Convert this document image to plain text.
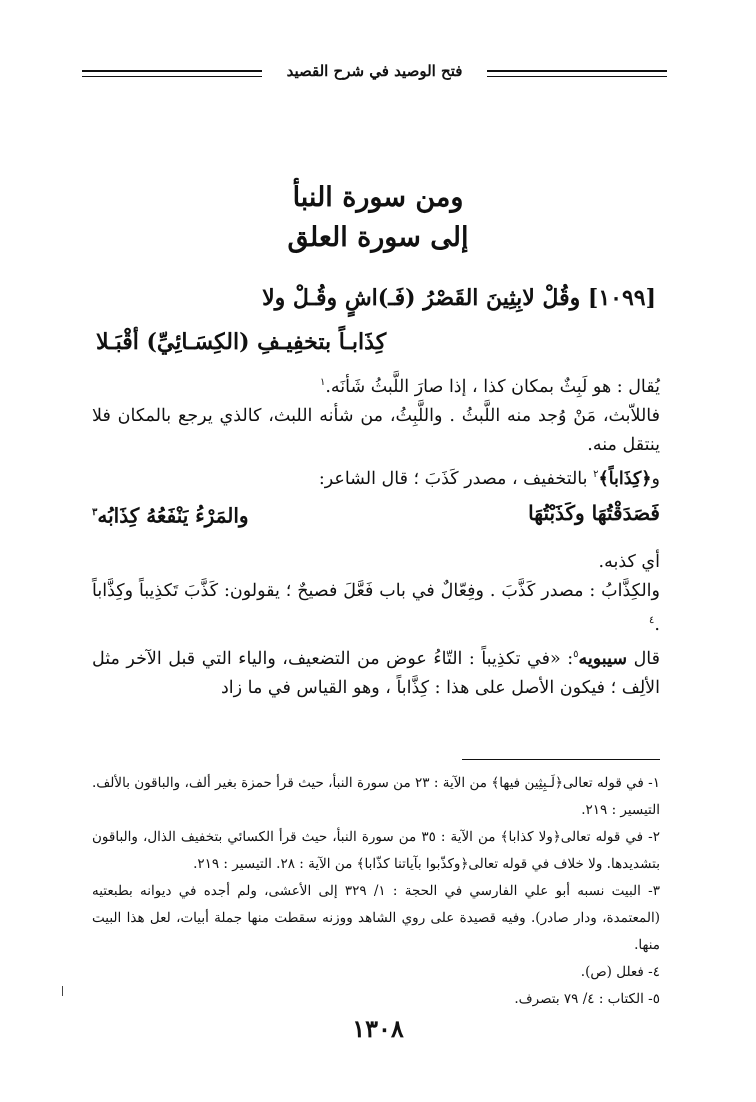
فتح الوصيد في شرح القصيد
ومن سورة النبأ
إلى سورة العلق
[١٠٩٩] وقُلْ لابِثِينَ القَصْرُ (فَـ)اشٍ وقُـلْ ولا
كِذَابـاً بتخفِيـفِ (الكِسَـائِيِّ) أقْبَـلا

يُقال : هو لَبِثٌ بمكان كذا ، إذا صارَ اللَّبثُ شَأنَه.$^١$

فاللاّبث، مَنْ وُجد منه اللَّبثُ . واللَّبِثُ، من شأنه اللبث، كالذي يرجع بالمكان فلا ينتقل منه.

و﴿كِذَاباً﴾$^٢$ بالتخفيف ، مصدر كَذَبَ ؛ قال الشاعر:

فَصَدَقْتُهَا وكَذَبْتُهَا
والمَرْءُ يَنْفَعُهُ كِذَابُه$^٣$

أي كذبه.

والكِذَّابُ : مصدر كَذَّبَ . وفِعّالٌ في باب فَعَّلَ فصيحٌ ؛ يقولون: كَذَّبَ تَكذِيباً وكِذَّاباً .$^٤$

قال سيبويه$^٥$: «في تكذِيباً : التّاءُ عوض من التضعيف، والياء التي قبل الآخر مثل الألِف ؛ فيكون الأصل على هذا : كِذَّاباً ، وهو القياس في ما زاد

١- في قوله تعالى﴿لَـبِثِين فيها﴾ من الآية : ٢٣ من سورة النبأ، حيث قرأ حمزة بغير ألف، والباقون بالألف. التيسير : ٢١٩.

٢- في قوله تعالى﴿ولا كذابا﴾ من الآية : ٣٥ من سورة النبأ، حيث قرأ الكسائي بتخفيف الذال، والباقون بتشديدها. ولا خلاف في قوله تعالى﴿وكذّبوا بآياتنا كذّابا﴾ من الآية : ٢٨. التيسير : ٢١٩.

٣- البيت نسبه أبو علي الفارسي في الحجة : ١/ ٣٢٩ إلى الأعشى، ولم أجده في ديوانه بطبعتيه (المعتمدة، ودار صادر). وفيه قصيدة على روي الشاهد ووزنه سقطت منها جملة أبيات، لعل هذا البيت منها.

٤- فعلل (ص).

٥- الكتاب : ٤/ ٧٩ بتصرف.

١٣٠٨
